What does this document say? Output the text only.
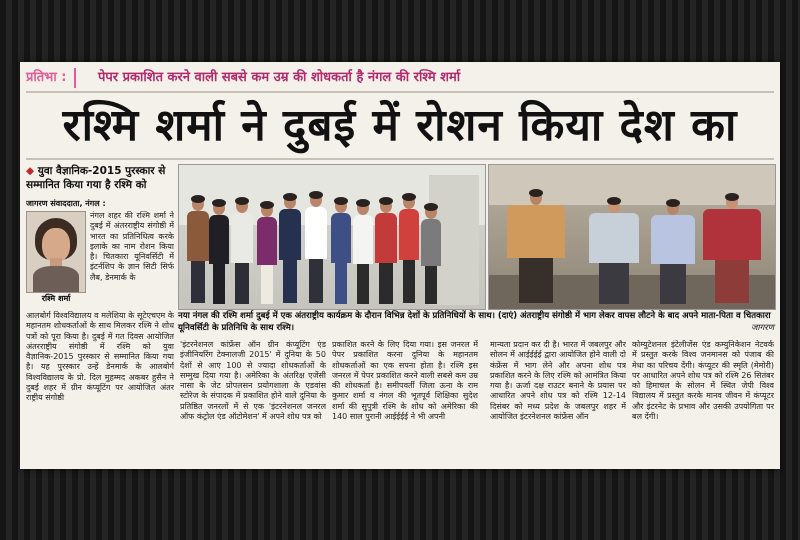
प्रतिभा :	पेपर प्रकाशित करने वाली सबसे कम उम्र की शोधकर्ता है नंगल की रश्मि शर्मा
रश्मि शर्मा ने दुबई में रोशन किया देश का
◆ युवा वैज्ञानिक-2015 पुरस्कार से सम्मानित किया गया है रश्मि को
जागरण संवाददाता, नंगल :
रश्मि शर्मा
नंगल शहर की रश्मि शर्मा ने दुबई में अंतरराष्ट्रीय संगोष्ठी में भारत का प्रतिनिधित्व करके इलाके का नाम रोशन किया है। चितकारा यूनिवर्सिटी में इंटर्नशिप के ज्ञान सिटी सिर्फ लैब, डेनमार्क के
आलबोर्ग विश्वविद्यालय व मलेशिया के सूटेएचएम के महानतम शोधकर्ताओं के साथ मिलकर रश्मि ने शोध पत्रों को पूरा किया है। दुबई में गत दिवस आयोजित अंतरराष्ट्रीय संगोष्ठी में रश्मि को युवा वैज्ञानिक-2015 पुरस्कार से सम्मानित किया गया है। यह पुरस्कार उन्हें डेनमार्क के आलबोर्ग विश्वविद्यालय के प्रो. दिल मुहम्मद अकबर हुसैन ने दुबई शहर में ग्रीन कंप्यूटिंग पर आयोजित अंतर राष्ट्रीय संगोष्ठी
नया नंगल की रश्मि शर्मा दुबई में एक अंतराष्ट्रीय कार्यक्रम के दौरान विभिन्न देशों के प्रतिनिधियों के साथ। (दाएं) अंतराष्ट्रीय संगोष्ठी में भाग लेकर वापस लौटने के बाद अपने माता-पिता व चितकारा यूनिवर्सिटी के प्रतिनिधि के साथ रश्मि।	जागरण
'इंटरनेशनल कांफ्रेंस ऑन ग्रीन कंप्यूटिंग एंड इंजीनियरिंग टेक्नालजी 2015' में दुनिया के 50 देशों से आए 100 से ज्यादा शोधकर्ताओं के सम्मुख दिया गया है। अमेरिका के अंतरिक्ष एजेंसी नासा के जेट प्रोपलसन प्रयोगशाला के एडवांस स्टोरेज के संपादक में प्रकाशित होने वाले दुनिया के प्रतिष्ठित जनरलों में से एक 'इंटरनेशनल जनरल ऑफ कंट्रोल एंड ऑटोमेशन' में अपने शोध पत्र को
प्रकाशित करने के लिए दिया गया। इस जनरल में पेपर प्रकाशित करना दुनिया के महानतम शोधकर्ताओं का एक सपना होता है। रश्मि इस जनरल में पेपर प्रकाशित करने वाली सबसे कम उम्र की शोधकर्ता है। समीपवर्ती जिला ऊना के राम कुमार शर्मा व नंगल की भूतपूर्व शिक्षिका सुदेश शर्मा की सुपुत्री रश्मि के शोध को अमेरिका की 140 साल पुरानी आईईईई ने भी अपनी
मान्यता प्रदान कर दी है। भारत में जबलपुर और सोलन में आईईईई द्वारा आयोजित होने वाली दो कंफ्रेंस में भाग लेने और अपना शोध पत्र प्रकाशित करने के लिए रश्मि को आमंत्रित किया गया है। ऊर्जा दक्ष राउटर बनाने के प्रयास पर आधारित अपने शोध पत्र को रश्मि 12-14 दिसंबर को मध्य प्रदेश के जबलपुर शहर में आयोजित इंटरनेशनल कांफ्रेंस ऑन
कोम्युटेशनल इंटेलीजेंस एंड कम्युनिकेशन नेटवर्क में प्रस्तुत करके विश्व जनमानस को पंजाब की मेधा का परिचय देंगी। कंप्यूटर की स्मृति (मेमोरी) पर आधारित अपने शोध पत्र को रश्मि 26 सितंबर को हिमाचल के सोलन में स्थित जेपी विश्व विद्यालय में प्रस्तुत करके मानव जीवन में कंप्यूटर और इंटरनेट के प्रभाव और उसकी उपयोगिता पर बल देंगी।
